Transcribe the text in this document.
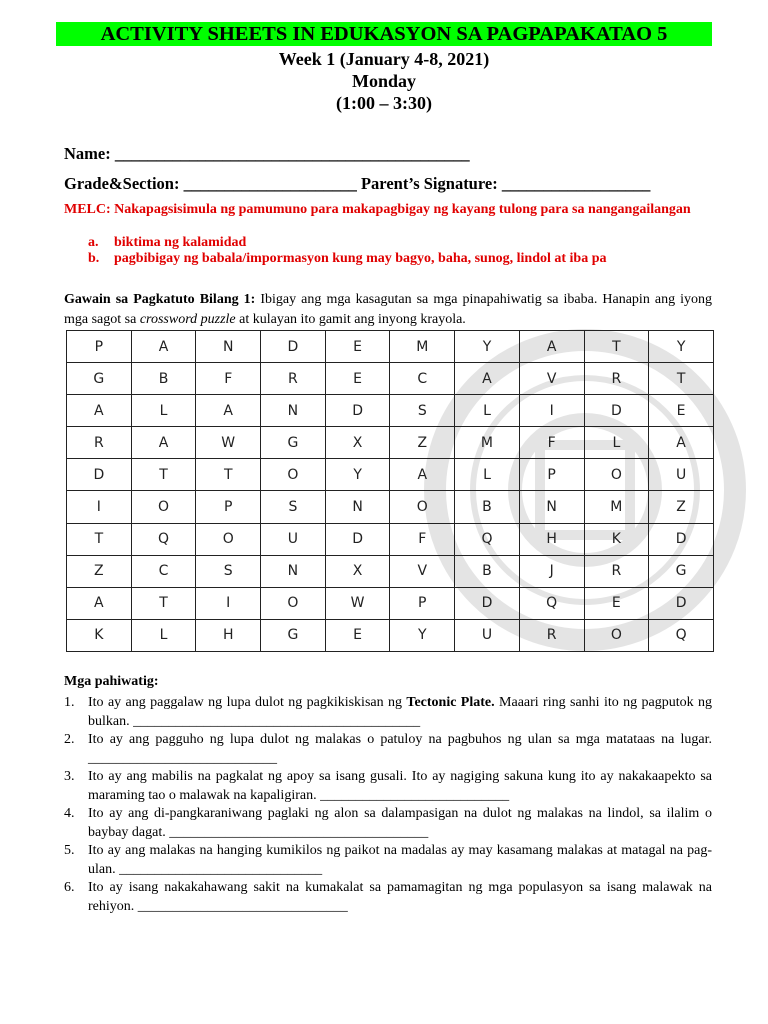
ACTIVITY SHEETS IN EDUKASYON SA PAGPAPAKATAO 5
Week 1 (January 4-8, 2021)
Monday
(1:00 – 3:30)
Name: ___________________________________________
Grade&Section: _____________________ Parent’s Signature: __________________
MELC: Nakapagsisimula ng pamumuno para makapagbigay ng kayang tulong para sa nangangailangan
a. biktima ng kalamidad
b. pagbibigay ng babala/impormasyon kung may bagyo, baha, sunog, lindol at iba pa
Gawain sa Pagkatuto Bilang 1: Ibigay ang mga kasagutan sa mga pinapahiwatig sa ibaba. Hanapin ang iyong mga sagot sa crossword puzzle at kulayan ito gamit ang inyong krayola.
P	A	N	D	E	M	Y	A	T	Y
G	B	F	R	E	C	A	V	R	T
A	L	A	N	D	S	L	I	D	E
R	A	W	G	X	Z	M	F	L	A
D	T	T	O	Y	A	L	P	O	U
I	O	P	S	N	O	B	N	M	Z
T	Q	O	U	D	F	Q	H	K	D
Z	C	S	N	X	V	B	J	R	G
A	T	I	O	W	P	D	Q	E	D
K	L	H	G	E	Y	U	R	O	Q
Mga pahiwatig:
1. Ito ay ang paggalaw ng lupa dulot ng pagkikiskisan ng Tectonic Plate. Maaari ring sanhi ito ng pagputok ng bulkan. _________________________________________
2. Ito ay ang pagguho ng lupa dulot ng malakas o patuloy na pagbuhos ng ulan sa mga matataas na lugar. ___________________________
3. Ito ay ang mabilis na pagkalat ng apoy sa isang gusali. Ito ay nagiging sakuna kung ito ay nakakaapekto sa maraming tao o malawak na kapaligiran. ___________________________
4. Ito ay ang di-pangkaraniwang paglaki ng alon sa dalampasigan na dulot ng malakas na lindol, sa ilalim o baybay dagat. _____________________________________
5. Ito ay ang malakas na hanging kumikilos ng paikot na madalas ay may kasamang malakas at matagal na pag-ulan. _____________________________
6. Ito ay isang nakakahawang sakit na kumakalat sa pamamagitan ng mga populasyon sa isang malawak na rehiyon. ______________________________
